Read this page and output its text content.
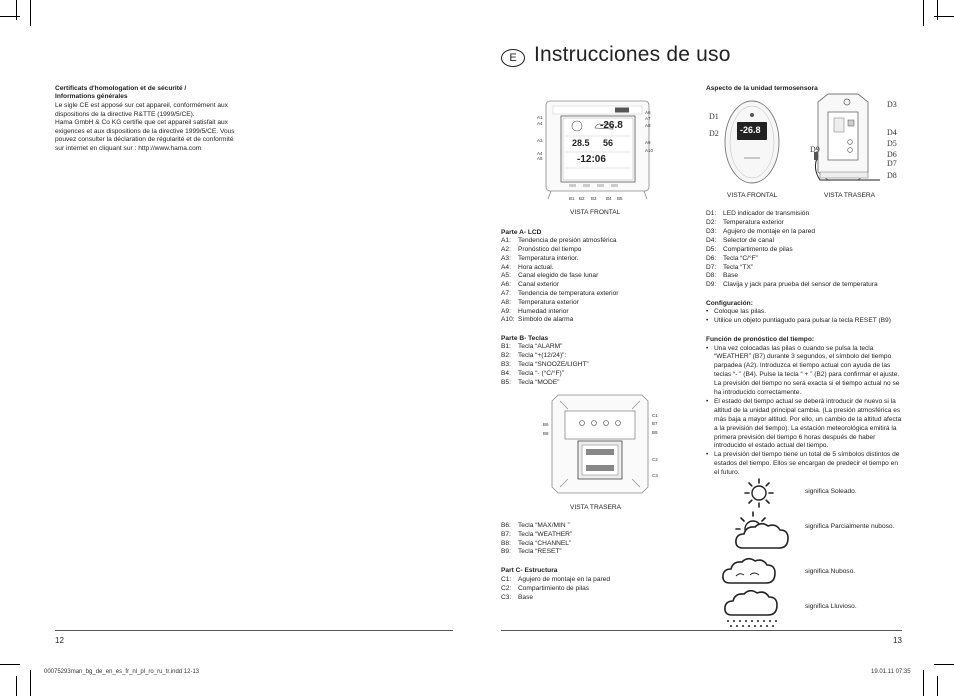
Certificats d'homologation et de sécurité /
Informations générales
Le sigle CE est apposé sur cet appareil, conformément aux
dispositions de la directive R&TTE (1999/5/CE).
Hama GmbH & Co KG certifie que cet appareil satisfait aux
exigences et aux dispositions de la directive 1999/5/CE. Vous
pouvez consulter la déclaration de régularité et de conformité
sur internet en cliquant sur : http://www.hama.com
12
E Instrucciones de uso
-26.8
28.5 56
-12:06
A1
A4
A3
A4
A5
A6
A7
A8
A9
A10
B1 B2 B3 B4 B5
VISTA FRONTAL
Parte A- LCD
A1: Tendencia de presión atmosférica
A2: Pronóstico del tiempo
A3: Temperatura interior.
A4: Hora actual.
A5: Canal elegido de fase lunar
A6: Canal exterior
A7: Tendencia de temperatura exterior
A8: Temperatura exterior
A9: Humedad interior
A10: Símbolo de alarma
Parte B- Teclas
B1: Tecla “ALARM”
B2: Tecla “+(12/24)”:
B3: Tecla “SNOOZE/LIGHT”
B4: Tecla “- (°C/°F)”
B5: Tecla “MODE”
B6
B8
C1
B7
B9
C2
C3
VISTA TRASERA
B6: Tecla “MAX/MIN ”
B7: Tecla “WEATHER”
B8: Tecla “CHANNEL”
B9: Tecla “RESET”
Part C- Estructura
C1: Agujero de montaje en la pared
C2: Compartimiento de pilas
C3: Base
Aspecto de la unidad termosensora
-26.8
D1
D2
D3
D4
D5
D6
D7
D8
D9
VISTA FRONTAL	VISTA TRASERA
D1: LED indicador de transmisión
D2: Temperatura exterior
D3: Agujero de montaje en la pared
D4: Selector de canal
D5: Compartimento de pilas
D6: Tecla “C/°F”
D7: Tecla “TX”
D8: Base
D9: Clavija y jack para prueba del sensor de temperatura
Configuración:
• Coloque las pilas.
• Utilice un objeto puntiagudo para pulsar la tecla RESET (B9)
Función de pronóstico del tiempo:
• Una vez colocadas las pilas o cuando se pulsa la tecla “WEATHER” (B7) durante 3 segundos, el símbolo del tiempo parpadea (A2). Introduzca el tiempo actual con ayuda de las teclas “- ” (B4). Pulse la tecla “ + ” (B2) para confirmar el ajuste. La previsión del tiempo no será exacta si el tiempo actual no se ha introducido correctamente.
• El estado del tiempo actual se deberá introducir de nuevo si la altitud de la unidad principal cambia. (La presión atmosférica es más baja a mayor altitud. Por ello, un cambio de la altitud afecta a la previsión del tiempo). La estación meteorológica emitirá la primera previsión del tiempo 6 horas después de haber introducido el estado actual del tiempo.
• La previsión del tiempo tiene un total de 5 símbolos distintos de estados del tiempo. Ellos se encargan de predecir el tiempo en el futuro.
significa Soleado.
significa Parcialmente nuboso.
significa Nuboso.
significa Lluvioso.
13
00075293man_bg_de_en_es_fr_nl_pl_ro_ru_tr.indd 12-13	19.01.11 07:35
